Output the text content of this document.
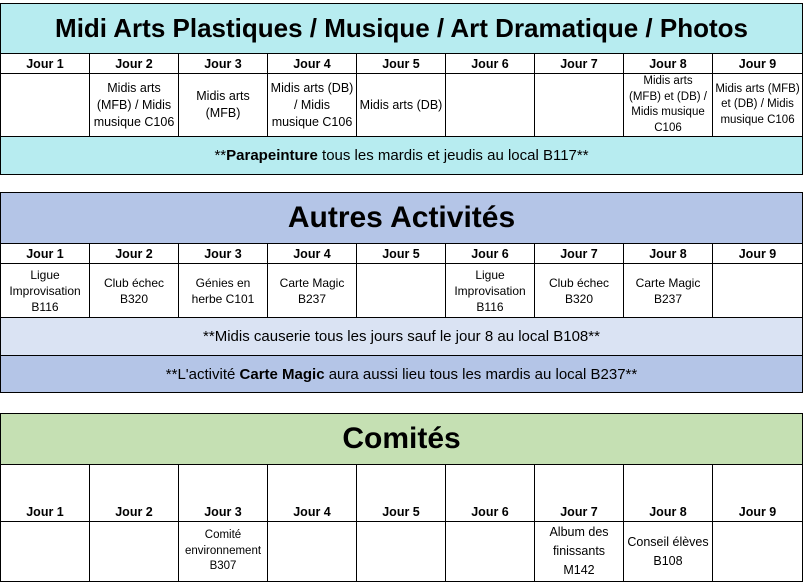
Midi Arts Plastiques / Musique / Art Dramatique / Photos								
Jour 1	Jour 2	Jour 3	Jour 4	Jour 5	Jour 6	Jour 7	Jour 8	Jour 9
	Midis arts (MFB) / Midis musique C106	Midis arts (MFB)	Midis arts (DB) / Midis musique C106	Midis arts (DB)			Midis arts (MFB) et (DB) / Midis musique C106	Midis arts (MFB) et (DB) / Midis musique C106
**Parapeinture tous les mardis et jeudis au local B117**								
Autres Activités								
Jour 1	Jour 2	Jour 3	Jour 4	Jour 5	Jour 6	Jour 7	Jour 8	Jour 9
Ligue Improvisation B116	Club échec B320	Génies en herbe C101	Carte Magic B237		Ligue Improvisation B116	Club échec B320	Carte Magic B237	
**Midis causerie tous les jours sauf le jour 8 au local B108**								
**L'activité Carte Magic aura aussi lieu tous les mardis au local B237**								
Comités								
Jour 1	Jour 2	Jour 3	Jour 4	Jour 5	Jour 6	Jour 7	Jour 8	Jour 9
		Comité environnement B307				Album des finissants M142	Conseil élèves B108	
